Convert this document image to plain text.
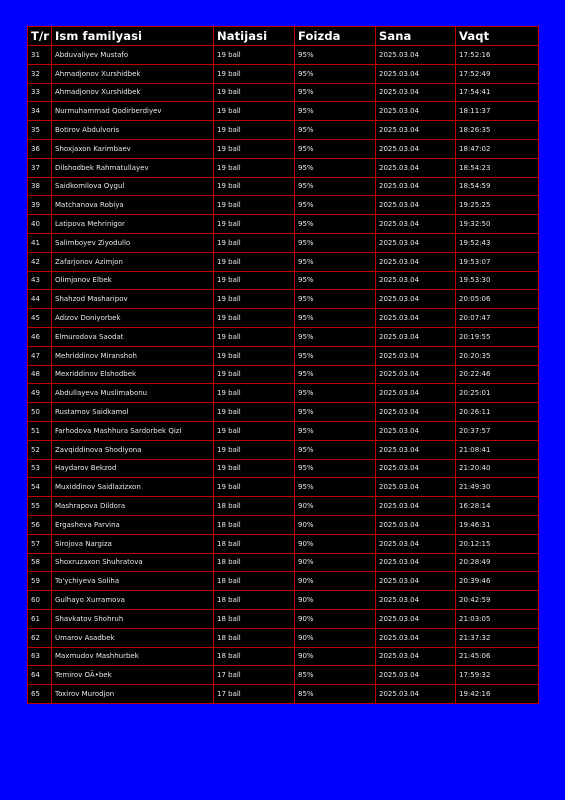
T/r	Ism familyasi	Natijasi	Foizda	Sana	Vaqt
31	Abduvaliyev Mustafo	19 ball	95%	2025.03.04	17:52:16
32	Ahmadjonov Xurshidbek	19 ball	95%	2025.03.04	17:52:49
33	Ahmadjonov Xurshidbek	19 ball	95%	2025.03.04	17:54:41
34	Nurmuhammad Qodirberdiyev	19 ball	95%	2025.03.04	18:11:37
35	Botirov Abdulvoris	19 ball	95%	2025.03.04	18:26:35
36	Shoxjaxon Karimbaev	19 ball	95%	2025.03.04	18:47:02
37	Dilshodbek Rahmatullayev	19 ball	95%	2025.03.04	18:54:23
38	Saidkomilova Oygul	19 ball	95%	2025.03.04	18:54:59
39	Matchanova Robiya	19 ball	95%	2025.03.04	19:25:25
40	Latipova Mehrinigor	19 ball	95%	2025.03.04	19:32:50
41	Salimboyev Ziyodullo	19 ball	95%	2025.03.04	19:52:43
42	Zafarjonov Azimjon	19 ball	95%	2025.03.04	19:53:07
43	Olimjonov Elbek	19 ball	95%	2025.03.04	19:53:30
44	Shahzod Masharipov	19 ball	95%	2025.03.04	20:05:06
45	Adizov Doniyorbek	19 ball	95%	2025.03.04	20:07:47
46	Elmurodova Saodat	19 ball	95%	2025.03.04	20:19:55
47	Mehriddinov Miranshoh	19 ball	95%	2025.03.04	20:20:35
48	Mexriddinov Elshodbek	19 ball	95%	2025.03.04	20:22:46
49	Abdullayeva Muslimabonu	19 ball	95%	2025.03.04	20:25:01
50	Rustamov Saidkamol	19 ball	95%	2025.03.04	20:26:11
51	Farhodova Mashhura Sardorbek Qizi	19 ball	95%	2025.03.04	20:37:57
52	Zavqiddinova Shodiyona	19 ball	95%	2025.03.04	21:08:41
53	Haydarov Bekzod	19 ball	95%	2025.03.04	21:20:40
54	Muxiddinov Saidlazizxon	19 ball	95%	2025.03.04	21:49:30
55	Mashrapova Dildora	18 ball	90%	2025.03.04	16:28:14
56	Ergasheva Parvina	18 ball	90%	2025.03.04	19:46:31
57	Sirojova Nargiza	18 ball	90%	2025.03.04	20:12:15
58	Shoxruzaxon Shuhratova	18 ball	90%	2025.03.04	20:28:49
59	To'ychiyeva Soliha	18 ball	90%	2025.03.04	20:39:46
60	Gulhayo Xurramova	18 ball	90%	2025.03.04	20:42:59
61	Shavkatov Shohruh	18 ball	90%	2025.03.04	21:03:05
62	Umarov Asadbek	18 ball	90%	2025.03.04	21:37:32
63	Maxmudov Mashhurbek	18 ball	90%	2025.03.04	21:45:06
64	Temirov OÃ•bek	17 ball	85%	2025.03.04	17:59:32
65	Toxirov Murodjon	17 ball	85%	2025.03.04	19:42:16
